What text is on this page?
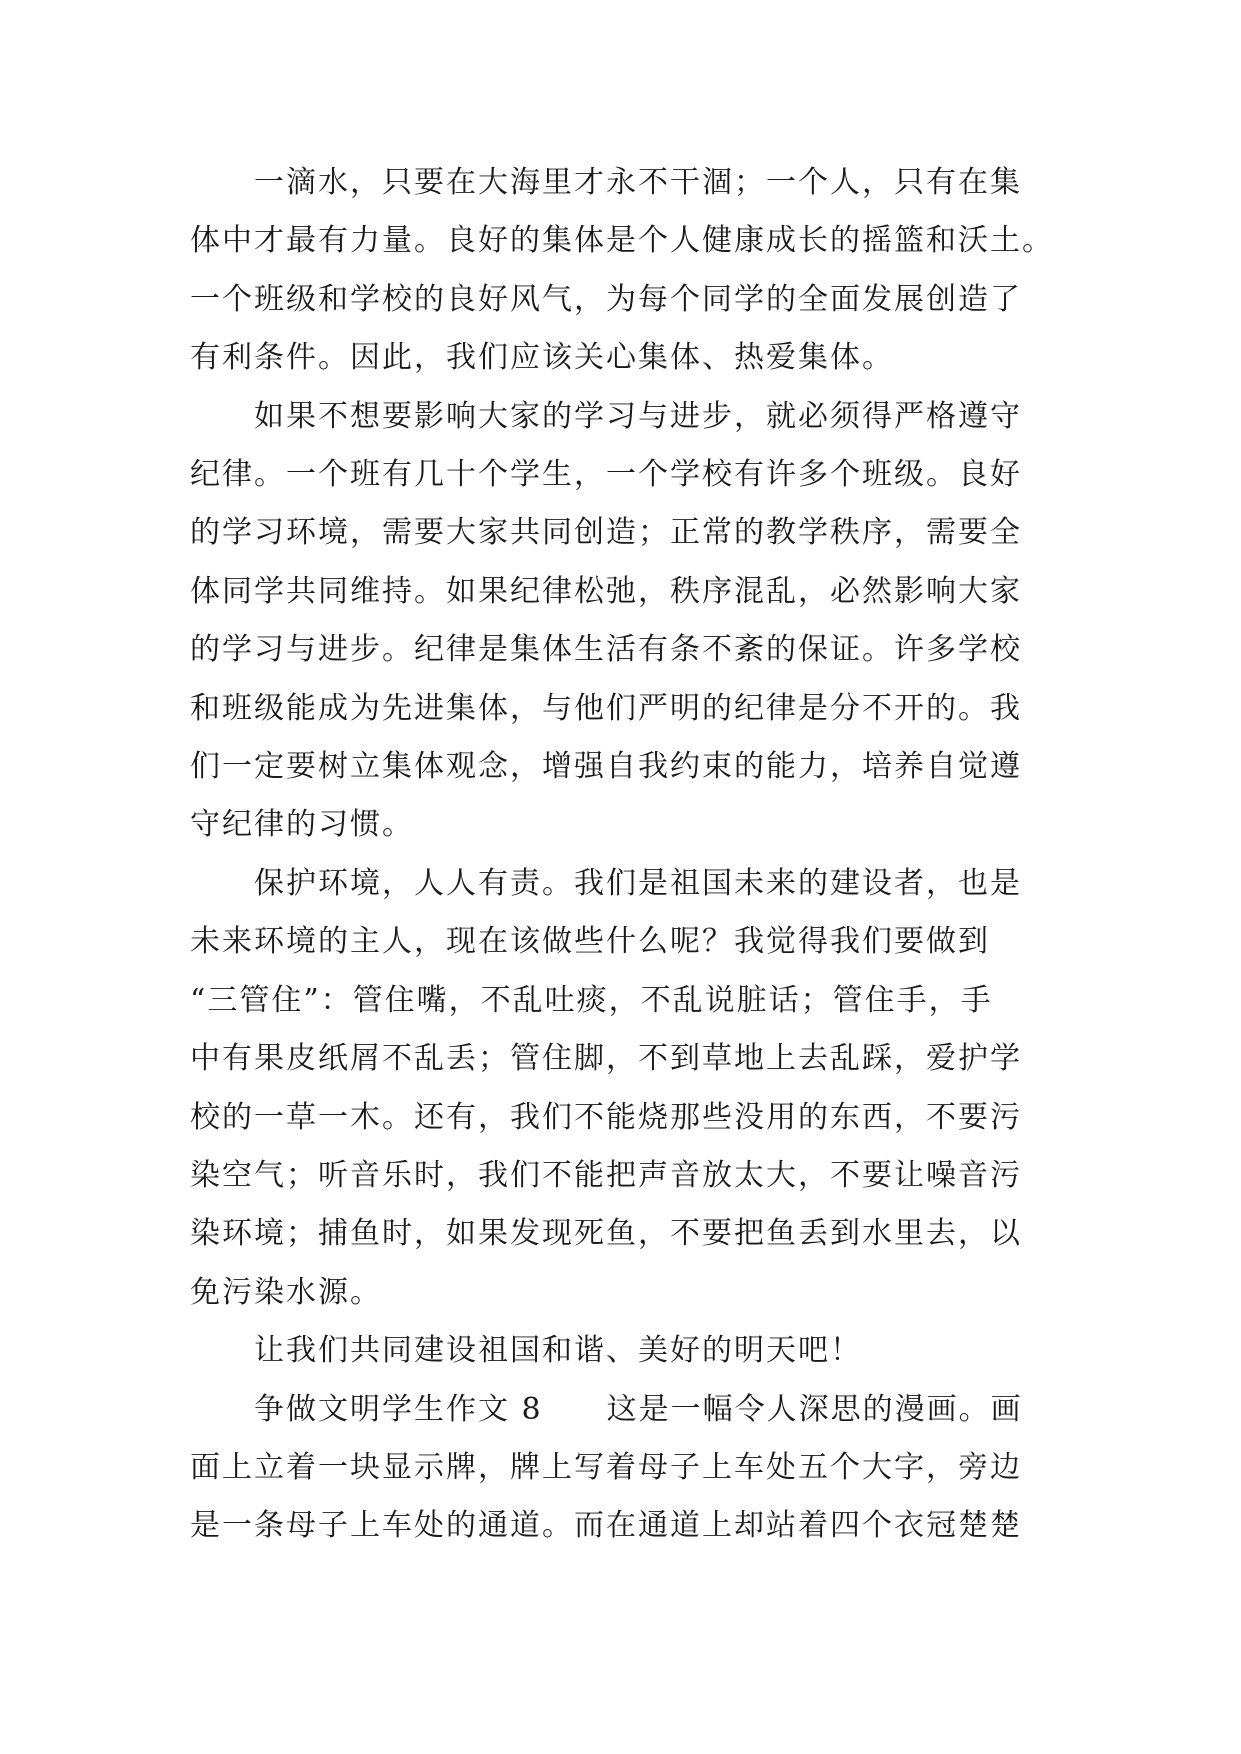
一滴水，只要在大海里才永不干涸；一个人，只有在集
体中才最有力量。良好的集体是个人健康成长的摇篮和沃土。
一个班级和学校的良好风气，为每个同学的全面发展创造了
有利条件。因此，我们应该关心集体、热爱集体。
如果不想要影响大家的学习与进步，就必须得严格遵守
纪律。一个班有几十个学生，一个学校有许多个班级。良好
的学习环境，需要大家共同创造；正常的教学秩序，需要全
体同学共同维持。如果纪律松弛，秩序混乱，必然影响大家
的学习与进步。纪律是集体生活有条不紊的保证。许多学校
和班级能成为先进集体，与他们严明的纪律是分不开的。我
们一定要树立集体观念，增强自我约束的能力，培养自觉遵
守纪律的习惯。
保护环境，人人有责。我们是祖国未来的建设者，也是
未来环境的主人，现在该做些什么呢？我觉得我们要做到
“三管住”：管住嘴，不乱吐痰，不乱说脏话；管住手，手
中有果皮纸屑不乱丢；管住脚，不到草地上去乱踩，爱护学
校的一草一木。还有，我们不能烧那些没用的东西，不要污
染空气；听音乐时，我们不能把声音放太大，不要让噪音污
染环境；捕鱼时，如果发现死鱼，不要把鱼丢到水里去，以
免污染水源。
让我们共同建设祖国和谐、美好的明天吧！
争做文明学生作文 8　　这是一幅令人深思的漫画。画
面上立着一块显示牌，牌上写着母子上车处五个大字，旁边
是一条母子上车处的通道。而在通道上却站着四个衣冠楚楚
